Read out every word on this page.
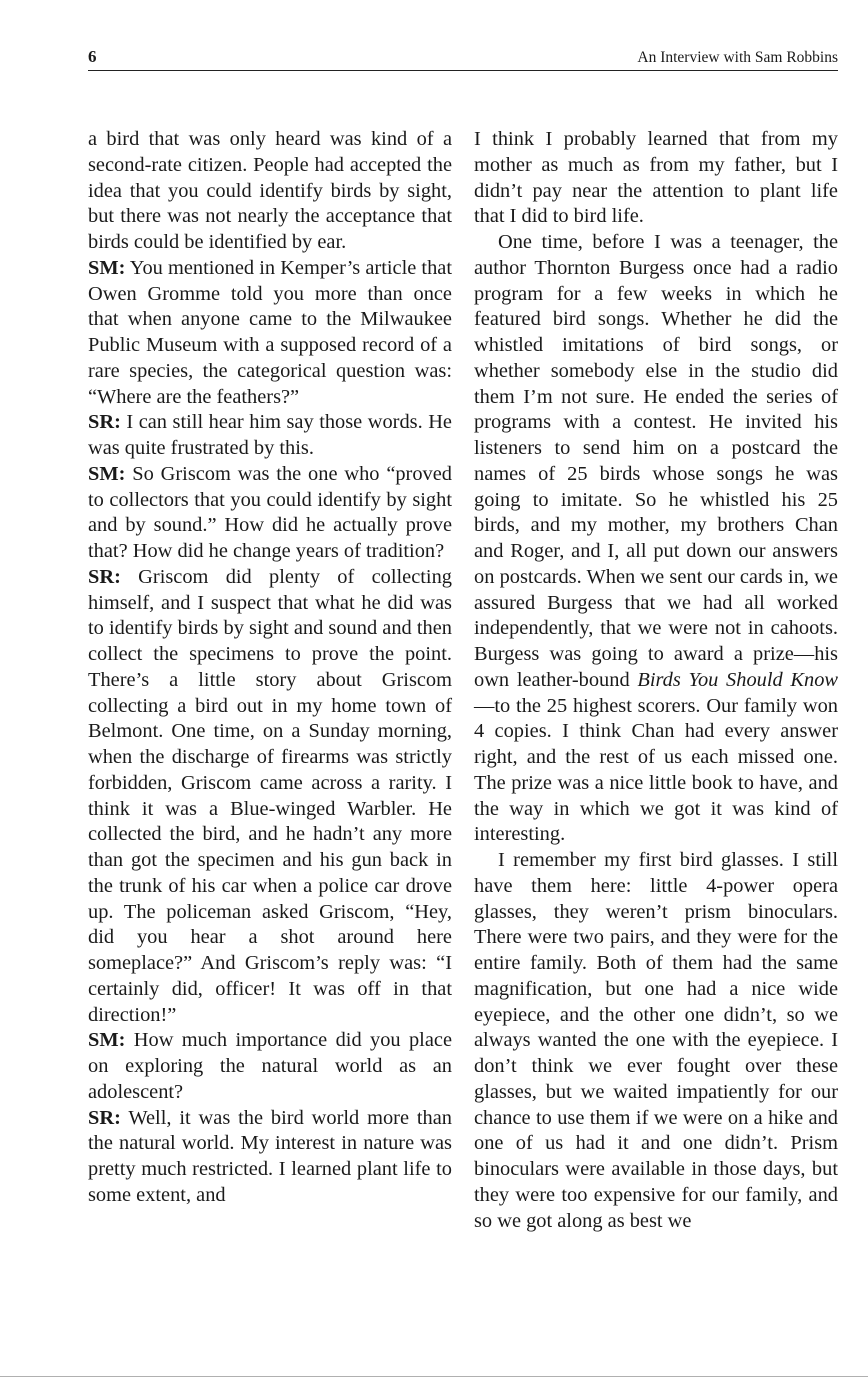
6	An Interview with Sam Robbins

a bird that was only heard was kind of a second-rate citizen. People had accepted the idea that you could identify birds by sight, but there was not nearly the acceptance that birds could be identified by ear.

SM: You mentioned in Kemper’s article that Owen Gromme told you more than once that when anyone came to the Milwaukee Public Museum with a supposed record of a rare species, the categorical question was: “Where are the feathers?”

SR: I can still hear him say those words. He was quite frustrated by this.

SM: So Griscom was the one who “proved to collectors that you could identify by sight and by sound.” How did he actually prove that? How did he change years of tradition?

SR: Griscom did plenty of collecting himself, and I suspect that what he did was to identify birds by sight and sound and then collect the specimens to prove the point. There’s a little story about Griscom collecting a bird out in my home town of Belmont. One time, on a Sunday morning, when the discharge of firearms was strictly forbidden, Griscom came across a rarity. I think it was a Blue-winged Warbler. He collected the bird, and he hadn’t any more than got the specimen and his gun back in the trunk of his car when a police car drove up. The policeman asked Griscom, “Hey, did you hear a shot around here someplace?” And Griscom’s reply was: “I certainly did, officer! It was off in that direction!”

SM: How much importance did you place on exploring the natural world as an adolescent?

SR: Well, it was the bird world more than the natural world. My interest in nature was pretty much restricted. I learned plant life to some extent, and

I think I probably learned that from my mother as much as from my father, but I didn’t pay near the attention to plant life that I did to bird life.

One time, before I was a teenager, the author Thornton Burgess once had a radio program for a few weeks in which he featured bird songs. Whether he did the whistled imitations of bird songs, or whether somebody else in the studio did them I’m not sure. He ended the series of programs with a contest. He invited his listeners to send him on a postcard the names of 25 birds whose songs he was going to imitate. So he whistled his 25 birds, and my mother, my brothers Chan and Roger, and I, all put down our answers on postcards. When we sent our cards in, we assured Burgess that we had all worked independently, that we were not in cahoots. Burgess was going to award a prize—his own leather-bound Birds You Should Know—to the 25 highest scorers. Our family won 4 copies. I think Chan had every answer right, and the rest of us each missed one. The prize was a nice little book to have, and the way in which we got it was kind of interesting.

I remember my first bird glasses. I still have them here: little 4-power opera glasses, they weren’t prism binoculars. There were two pairs, and they were for the entire family. Both of them had the same magnification, but one had a nice wide eyepiece, and the other one didn’t, so we always wanted the one with the eyepiece. I don’t think we ever fought over these glasses, but we waited impatiently for our chance to use them if we were on a hike and one of us had it and one didn’t. Prism binoculars were available in those days, but they were too expensive for our family, and so we got along as best we
